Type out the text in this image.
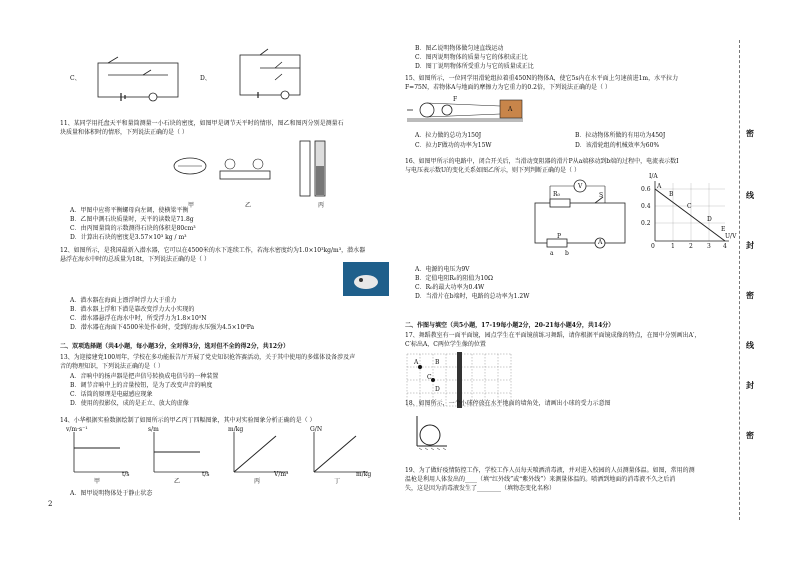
C、	D、
11、某同学用托盘天平和量筒测量一小石块的密度，如图甲是调节天平时的情形，图乙和图丙分别是测量石
块质量和体积时的情形，下列说法正确的是（ ）
甲	乙	丙
A．甲图中应将平衡螺母向左调，使横梁平衡
B．乙图中测石块质量时，天平的读数是71.8g
C．由丙图量筒的示数测得石块的体积是80cm³
D．计算出石块的密度是3.57×10³ kg / m³
12、如图所示，是我国最新入潜水器，它可以在4500米的水下连续工作，若海水密度约为1.0×10³kg/m³，潜水器
悬浮在海水中时的总质量为18t，下列说法正确的是（ ）
A．潜水器在海面上漂浮时浮力大于重力
B．潜水器上浮和下潜是靠改变浮力大小实现的
C．潜水器悬浮在海水中时，所受浮力为1.8×10⁵N
D．潜水器在海面下4500米处作业时，受到的海水压强为4.5×10⁶Pa
二、双项选择题（共4小题，每小题3分，全对得3分，选对但不全的得2分，共12分）
13、为迎接建党100周年，学校在多功能报告厅开展了党史知识抢答赛活动，关于其中使用的多媒体设备涉及声
音的物理知识，下列说法正确的是（ ）
A．音响中的扬声器是把声信号转换成电信号的一种装置
B．调节音响中上的音量按钮，是为了改变声音的响度
C．话筒的原理是电磁感应现象
D．使用的投影仪，成的是正立、放大的虚像
14、小华根据实验数据绘制了如图所示的甲乙丙丁四幅图象，其中对实验图象分析正确的是（ ）
v/m·s⁻¹
t/s
甲
s/m
t/s
乙
m/kg
V/m³
丙
G/N
m/kg
丁
A．图甲说明物体处于静止状态
2
B．图乙说明物体做匀速直线运动
C．图丙说明物体的质量与它的体积成正比
D．图丁说明物体所受重力与它的质量成正比
15、如图所示，一位同学用滑轮组拉着重450N的物体A，使它5s内在水平面上匀速前进1m，水平拉力
F=75N，若物体A与地面的摩擦力为它重力的0.2倍，下列说法正确的是（ ）
A
F
A．拉力做的总功为150J	B．拉动物体所做的有用功为450J
C．拉力F做功的功率为15W	D．该滑轮组的机械效率为60%
16、如图甲所示的电路中，闭合开关后，当滑动变阻器的滑片P从a端移动到b端的过程中，电流表示数I
与电压表示数U的变化关系如图乙所示，则下列判断正确的是（ ）
V
R₀	S
A
a b
P
I/A
0.6
0.4
0.2
0	1 2 3 4
U/V
A
B
C
D
E
A．电源的电压为9V
B．定值电阻R₀的阻值为10Ω
C．R₀的最大功率为0.4W
D．当滑片在b端时，电路的总功率为1.2W
二、作图与填空（共5小题，17-19每小题2分，20-21每小题4分，共14分）
17、舞蹈教室有一面平面镜，园点学生在平面镜前练习舞蹈，请你根据平面镜成像的特点，在图中分别画出A′，
C′标出A，C两位学生像的位置
A	B
C
D
18、如图所示，一个小球停放在水平地面的墙角处，请画出小球的受力示意图
19、为了做好疫情防控工作，学校工作人员每天喷洒消毒液，并对进入校园的人员测量体温。如图，常用的测
温枪是利用人体发出的____（填“红外线”或“紫外线”）来测量体温的。喷洒到地面的消毒液不久之后消
失，这是因为消毒液发生了________（填物态变化名称）
密
线
封
密
线
封
密
